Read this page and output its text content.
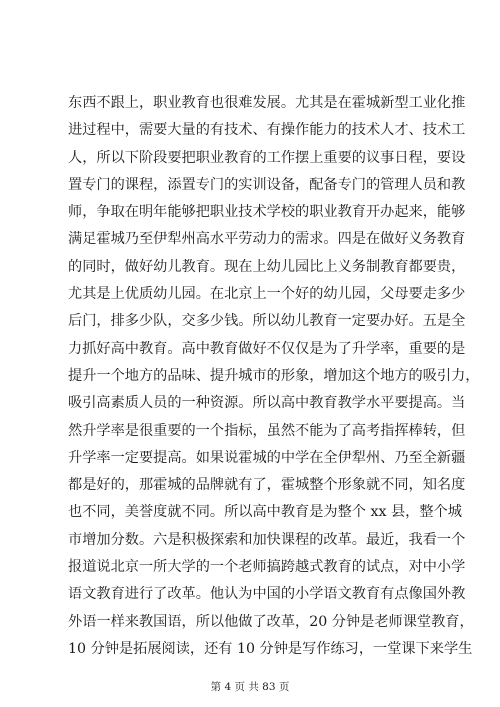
东西不跟上，职业教育也很难发展。尤其是在霍城新型工业化推
进过程中，需要大量的有技术、有操作能力的技术人才、技术工
人，所以下阶段要把职业教育的工作摆上重要的议事日程，要设
置专门的课程，添置专门的实训设备，配备专门的管理人员和教
师，争取在明年能够把职业技术学校的职业教育开办起来，能够
满足霍城乃至伊犁州高水平劳动力的需求。四是在做好义务教育
的同时，做好幼儿教育。现在上幼儿园比上义务制教育都要贵，
尤其是上优质幼儿园。在北京上一个好的幼儿园，父母要走多少
后门，排多少队，交多少钱。所以幼儿教育一定要办好。五是全
力抓好高中教育。高中教育做好不仅仅是为了升学率，重要的是
提升一个地方的品味、提升城市的形象，增加这个地方的吸引力，
吸引高素质人员的一种资源。所以高中教育教学水平要提高。当
然升学率是很重要的一个指标，虽然不能为了高考指挥棒转，但
升学率一定要提高。如果说霍城的中学在全伊犁州、乃至全新疆
都是好的，那霍城的品牌就有了，霍城整个形象就不同，知名度
也不同，美誉度就不同。所以高中教育是为整个 xx 县，整个城
市增加分数。六是积极探索和加快课程的改革。最近，我看一个
报道说北京一所大学的一个老师搞跨越式教育的试点，对中小学
语文教育进行了改革。他认为中国的小学语文教育有点像国外教
外语一样来教国语，所以他做了改革，20 分钟是老师课堂教育，
10 分钟是拓展阅读，还有 10 分钟是写作练习，一堂课下来学生
第 4 页 共 83 页
